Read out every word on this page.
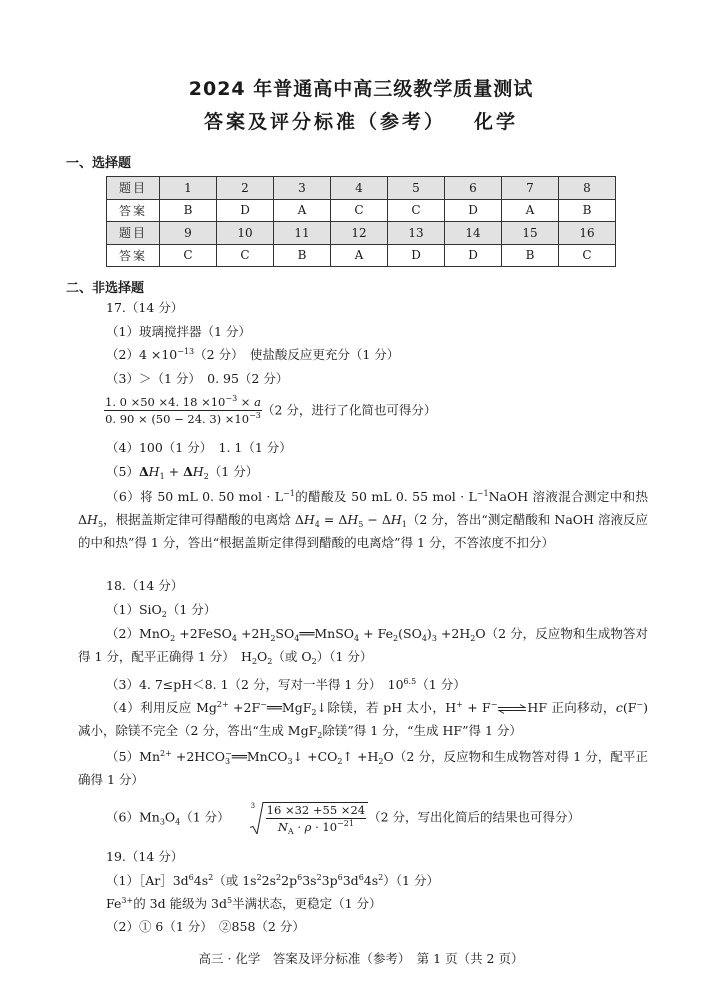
2024 年普通高中高三级教学质量测试
答案及评分标准（参考） 化学
一、选择题
题目	1	2	3	4	5	6	7	8
答案	B	D	A	C	C	D	A	B
题目	9	10	11	12	13	14	15	16
答案	C	C	B	A	D	D	B	C
二、非选择题
17.（14 分）
（1）玻璃搅拌器（1 分）
$(2)4 \times 10^{-13}(2$ 分）　使盐酸反应更充分（1 分）
（3）＞（1 分）　0. 95（2 分）
$\frac{1. 0 \times 50 \times 4. 18 \times 10^{-3} \times a}{0. 90 \times (50 - 24. 3) \times 10^{-3}} (2$ 分，进行了化简也可得分）
（4）100（1 分）　1. 1（1 分）
$(5)\Delta H_1 + \Delta H_2(1$ 分）
（6）将 50 mL 0. 50 mol · $L^{-1}$的醋酸及 50 mL 0. 55 mol · $L^{-1}NaOH$ 溶液混合测定中和热 $\Delta H_5$，根据盖斯定律可得醋酸的电离焓 $\Delta H_4 = \Delta H_5 - \Delta H_1(2$ 分，答出“测定醋酸和 NaOH 溶液反应的中和热”得 1 分，答出“根据盖斯定律得到醋酸的电离焓”得 1 分，不答浓度不扣分）
18.（14 分）
（1）SiO$_2$（1 分）
（2）MnO$_2$ +2FeSO$_4$ $+2H_2SO_4══MnSO_4 + Fe_2(SO_4)_3 +2H_2O(2$ 分，反应物和生成物答对得 1 分，配平正确得 1 分）　$H_2O_2$（或 $O_2)(1$ 分）
（3）4. 7≤pH＜8. 1（2 分，写对一半得 1 分）　$10^{6.5}(1$ 分）
（4）利用反应 $Mg^{2+}$ +2F−══MgF$_2$↓除镁，若 pH 太小，H+ + F−⇌HF 正向移动，c(F−)减小，除镁不完全（2 分，答出“生成 MgF$_2$除镁”得 1 分，“生成 HF”得 1 分）
$(5)Mn^{2+}$ $+2HCO_3^-══MnCO_3↓$ $+CO_2↑ +H_2O(2$ 分，反应物和生成物答对得 1 分，配平正确得 1 分）
$(6)Mn_3O_4(1$ 分）
$3 \frac{16 \times 32 +55 \times 24}{N_A \cdot \rho \cdot 10^{-21}} (2$ 分，写出化简后的结果也可得分）
19.（14 分）
$(1)[Ar]3d^64s^2$（或 $1s^22s^22p^63s^23p^63d^64s^2)(1$ 分）
$Fe^{3+}$的 3d 能级为 $3d^5$半满状态，更稳定（1 分）
（2）① 6（1 分）　②858（2 分）
高三 · 化学　答案及评分标准（参考）　第 1 页（共 2 页）
